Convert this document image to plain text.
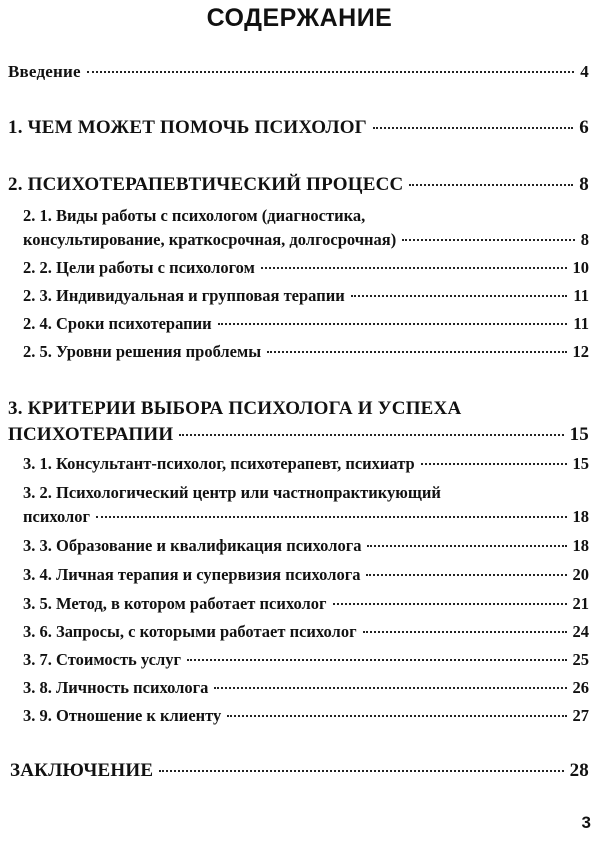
СОДЕРЖАНИЕ
Введение	4
1. ЧЕМ МОЖЕТ ПОМОЧЬ ПСИХОЛОГ	6
2. ПСИХОТЕРАПЕВТИЧЕСКИЙ ПРОЦЕСС	8
2. 1. Виды работы с психологом (диагностика,
консультирование, краткосрочная, долгосрочная)	8
2. 2. Цели работы с психологом	10
2. 3. Индивидуальная и групповая терапии	11
2. 4. Сроки психотерапии	11
2. 5. Уровни решения проблемы	12
3. КРИТЕРИИ ВЫБОРА ПСИХОЛОГА И УСПЕХА
ПСИХОТЕРАПИИ	15
3. 1. Консультант-психолог, психотерапевт, психиатр	15
3. 2. Психологический центр или частнопрактикующий
психолог	18
3. 3. Образование и квалификация психолога	18
3. 4. Личная терапия и супервизия психолога	20
3. 5. Метод, в котором работает психолог	21
3. 6. Запросы, с которыми работает психолог	24
3. 7. Стоимость услуг	25
3. 8. Личность психолога	26
3. 9. Отношение к клиенту	27
ЗАКЛЮЧЕНИЕ	28
3
